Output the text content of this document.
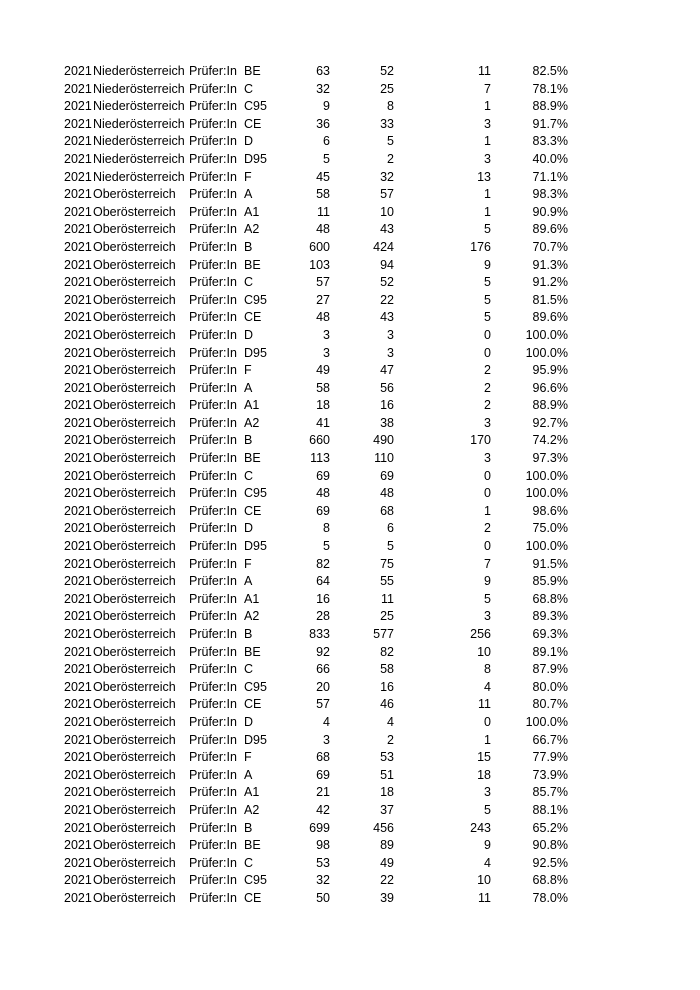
2021 Niederösterreich Prüfer:In BE	63	52	11	82.5%
2021 Niederösterreich Prüfer:In C	32	25	7	78.1%
2021 Niederösterreich Prüfer:In C95	9	8	1	88.9%
2021 Niederösterreich Prüfer:In CE	36	33	3	91.7%
2021 Niederösterreich Prüfer:In D	6	5	1	83.3%
2021 Niederösterreich Prüfer:In D95	5	2	3	40.0%
2021 Niederösterreich Prüfer:In F	45	32	13	71.1%
2021 Oberösterreich	Prüfer:In A	58	57	1	98.3%
2021 Oberösterreich	Prüfer:In A1	11	10	1	90.9%
2021 Oberösterreich	Prüfer:In A2	48	43	5	89.6%
2021 Oberösterreich	Prüfer:In B	600	424	176	70.7%
2021 Oberösterreich	Prüfer:In BE	103	94	9	91.3%
2021 Oberösterreich	Prüfer:In C	57	52	5	91.2%
2021 Oberösterreich	Prüfer:In C95	27	22	5	81.5%
2021 Oberösterreich	Prüfer:In CE	48	43	5	89.6%
2021 Oberösterreich	Prüfer:In D	3	3	0	100.0%
2021 Oberösterreich	Prüfer:In D95	3	3	0	100.0%
2021 Oberösterreich	Prüfer:In F	49	47	2	95.9%
2021 Oberösterreich	Prüfer:In A	58	56	2	96.6%
2021 Oberösterreich	Prüfer:In A1	18	16	2	88.9%
2021 Oberösterreich	Prüfer:In A2	41	38	3	92.7%
2021 Oberösterreich	Prüfer:In B	660	490	170	74.2%
2021 Oberösterreich	Prüfer:In BE	113	110	3	97.3%
2021 Oberösterreich	Prüfer:In C	69	69	0	100.0%
2021 Oberösterreich	Prüfer:In C95	48	48	0	100.0%
2021 Oberösterreich	Prüfer:In CE	69	68	1	98.6%
2021 Oberösterreich	Prüfer:In D	8	6	2	75.0%
2021 Oberösterreich	Prüfer:In D95	5	5	0	100.0%
2021 Oberösterreich	Prüfer:In F	82	75	7	91.5%
2021 Oberösterreich	Prüfer:In A	64	55	9	85.9%
2021 Oberösterreich	Prüfer:In A1	16	11	5	68.8%
2021 Oberösterreich	Prüfer:In A2	28	25	3	89.3%
2021 Oberösterreich	Prüfer:In B	833	577	256	69.3%
2021 Oberösterreich	Prüfer:In BE	92	82	10	89.1%
2021 Oberösterreich	Prüfer:In C	66	58	8	87.9%
2021 Oberösterreich	Prüfer:In C95	20	16	4	80.0%
2021 Oberösterreich	Prüfer:In CE	57	46	11	80.7%
2021 Oberösterreich	Prüfer:In D	4	4	0	100.0%
2021 Oberösterreich	Prüfer:In D95	3	2	1	66.7%
2021 Oberösterreich	Prüfer:In F	68	53	15	77.9%
2021 Oberösterreich	Prüfer:In A	69	51	18	73.9%
2021 Oberösterreich	Prüfer:In A1	21	18	3	85.7%
2021 Oberösterreich	Prüfer:In A2	42	37	5	88.1%
2021 Oberösterreich	Prüfer:In B	699	456	243	65.2%
2021 Oberösterreich	Prüfer:In BE	98	89	9	90.8%
2021 Oberösterreich	Prüfer:In C	53	49	4	92.5%
2021 Oberösterreich	Prüfer:In C95	32	22	10	68.8%
2021 Oberösterreich	Prüfer:In CE	50	39	11	78.0%
